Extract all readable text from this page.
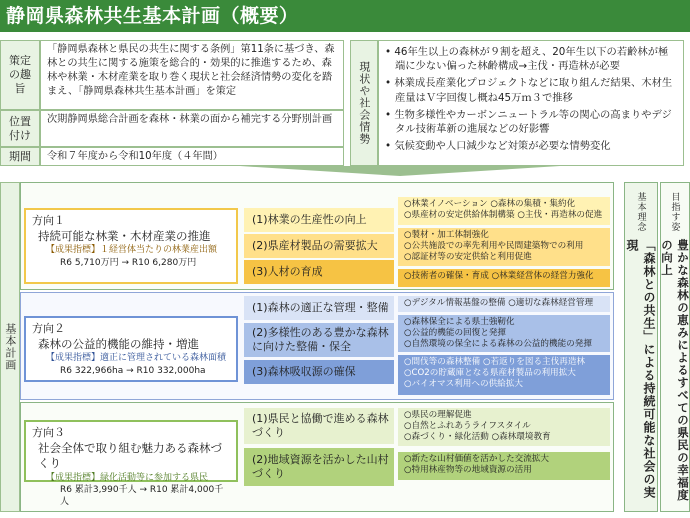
静岡県森林共生基本計画（概要）
策定の趣旨
「静岡県森林と県民の共生に関する条例」第11条に基づき、森林との共生に関する施策を総合的・効果的に推進するため、森林や林業・木材産業を取り巻く現状と社会経済情勢の変化を踏まえ、「静岡県森林共生基本計画」を策定
位置付け
次期静岡県総合計画を森林・林業の面から補完する分野別計画
期間	令和７年度から令和10年度（４年間）
現状や社会情勢
• 46年生以上の森林が９割を超え、20年生以下の若齢林が極端に少ない偏った林齢構成→主伐・再造林が必要
• 林業成長産業化プロジェクトなどに取り組んだ結果、木材生産量はＶ字回復し概ね45万ｍ３で推移
• 生物多様性やカーボンニュートラル等の関心の高まりやデジタル技術革新の進展などの好影響
• 気候変動や人口減少など対策が必要な情勢変化
基本計画
方向１
持続可能な林業・木材産業の推進
【成果指標】１経営体当たりの林業産出額
R6 5,710万円 → R10 6,280万円
(1)林業の生産性の向上
(2)県産材製品の需要拡大
(3)人材の育成
○林業イノベーション ○森林の集積・集約化
○県産材の安定供給体制構築 ○主伐・再造林の促進
○製材・加工体制強化
○公共施設での率先利用や民間建築物での利用
○認証材等の安定供給と利用促進
○技術者の確保・育成 ○林業経営体の経営力強化
方向２
森林の公益的機能の維持・増進
【成果指標】適正に管理されている森林面積
R6 322,966ha → R10 332,000ha
(1)森林の適正な管理・整備
(2)多様性のある豊かな森林に向けた整備・保全
(3)森林吸収源の確保
○デジタル情報基盤の整備 ○適切な森林経営管理
○森林保全による県土強靭化
○公益的機能の回復と発揮
○自然環境の保全による森林の公益的機能の発揮
○間伐等の森林整備 ○若返りを図る主伐再造林
○CO2の貯蔵庫となる県産材製品の利用拡大
○バイオマス利用への供給拡大
方向３
社会全体で取り組む魅力ある森林づくり
【成果指標】緑化活動等に参加する県民
R6 累計3,990千人 → R10 累計4,000千人
(1)県民と協働で進める森林づくり
(2)地域資源を活かした山村づくり
○県民の理解促進
○自然とふれあうライフスタイル
○森づくり・緑化活動 ○森林環境教育
○新たな山村価値を活かした交流拡大
○特用林産物等の地域資源の活用
基本理念
「森林との共生」による持続可能な社会の実現
目指す姿
豊かな森林の恵みによるすべての県民の幸福度の向上
